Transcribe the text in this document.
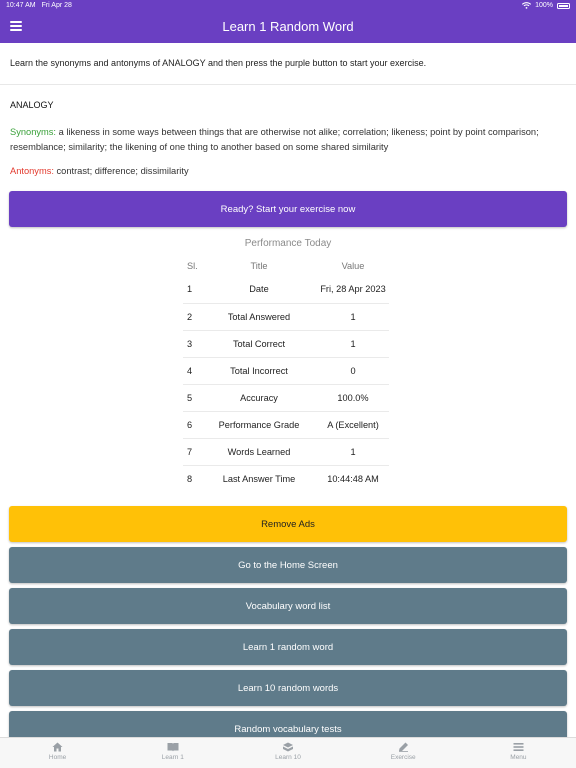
10:47 AM Fri Apr 28	100%
Learn 1 Random Word
Learn the synonyms and antonyms of ANALOGY and then press the purple button to start your exercise.
ANALOGY
Synonyms: a likeness in some ways between things that are otherwise not alike; correlation; likeness; point by point comparison; resemblance; similarity; the likening of one thing to another based on some shared similarity
Antonyms: contrast; difference; dissimilarity
Ready? Start your exercise now
Performance Today
Sl.	Title	Value
1	Date	Fri, 28 Apr 2023
2	Total Answered	1
3	Total Correct	1
4	Total Incorrect	0
5	Accuracy	100.0%
6	Performance Grade	A (Excellent)
7	Words Learned	1
8	Last Answer Time	10:44:48 AM
Remove Ads
Go to the Home Screen
Vocabulary word list
Learn 1 random word
Learn 10 random words
Random vocabulary tests
Home	Learn 1	Learn 10	Exercise	Menu
